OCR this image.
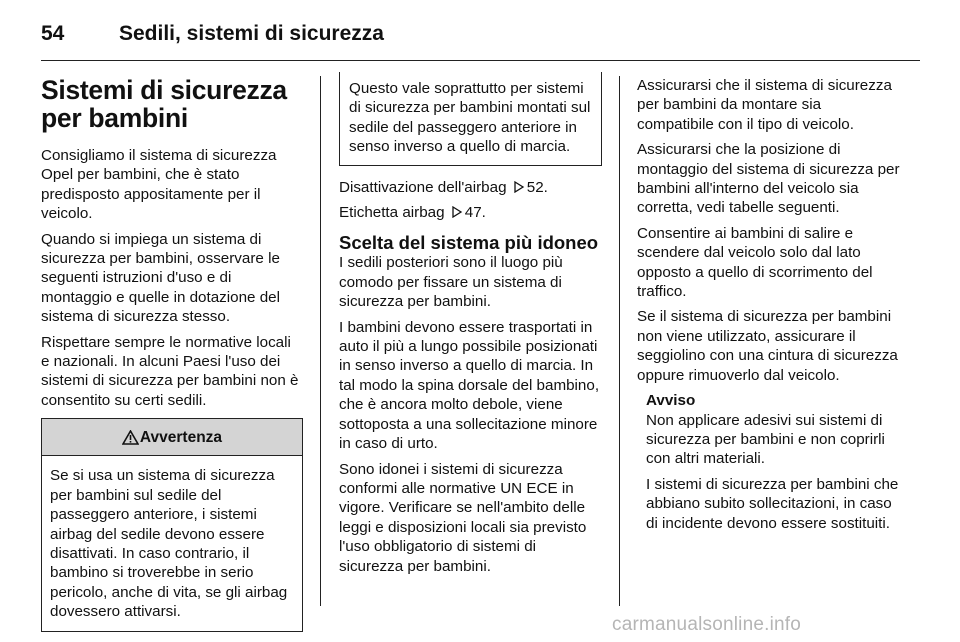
54	Sedili, sistemi di sicurezza
Sistemi di sicurezza per bambini

Consigliamo il sistema di sicurezza Opel per bambini, che è stato predisposto appositamente per il veicolo.

Quando si impiega un sistema di sicurezza per bambini, osservare le seguenti istruzioni d'uso e di montaggio e quelle in dotazione del sistema di sicurezza stesso.

Rispettare sempre le normative locali e nazionali. In alcuni Paesi l'uso dei sistemi di sicurezza per bambini non è consentito su certi sedili.

Avvertenza
Se si usa un sistema di sicurezza per bambini sul sedile del passeggero anteriore, i sistemi airbag del sedile devono essere disattivati. In caso contrario, il bambino si troverebbe in serio pericolo, anche di vita, se gli airbag dovessero attivarsi.
Questo vale soprattutto per sistemi di sicurezza per bambini montati sul sedile del passeggero anteriore in senso inverso a quello di marcia.

Disattivazione dell'airbag 52.

Etichetta airbag 47.

Scelta del sistema più idoneo

I sedili posteriori sono il luogo più comodo per fissare un sistema di sicurezza per bambini.

I bambini devono essere trasportati in auto il più a lungo possibile posizionati in senso inverso a quello di marcia. In tal modo la spina dorsale del bambino, che è ancora molto debole, viene sottoposta a una sollecitazione minore in caso di urto.

Sono idonei i sistemi di sicurezza conformi alle normative UN ECE in vigore. Verificare se nell'ambito delle leggi e disposizioni locali sia previsto l'uso obbligatorio di sistemi di sicurezza per bambini.

Assicurarsi che il sistema di sicurezza per bambini da montare sia compatibile con il tipo di veicolo.

Assicurarsi che la posizione di montaggio del sistema di sicurezza per bambini all'interno del veicolo sia corretta, vedi tabelle seguenti.

Consentire ai bambini di salire e scendere dal veicolo solo dal lato opposto a quello di scorrimento del traffico.

Se il sistema di sicurezza per bambini non viene utilizzato, assicurare il seggiolino con una cintura di sicurezza oppure rimuoverlo dal veicolo.

Avviso

Non applicare adesivi sui sistemi di sicurezza per bambini e non coprirli con altri materiali.

I sistemi di sicurezza per bambini che abbiano subito sollecitazioni, in caso di incidente devono essere sostituiti.

carmanualsonline.info
